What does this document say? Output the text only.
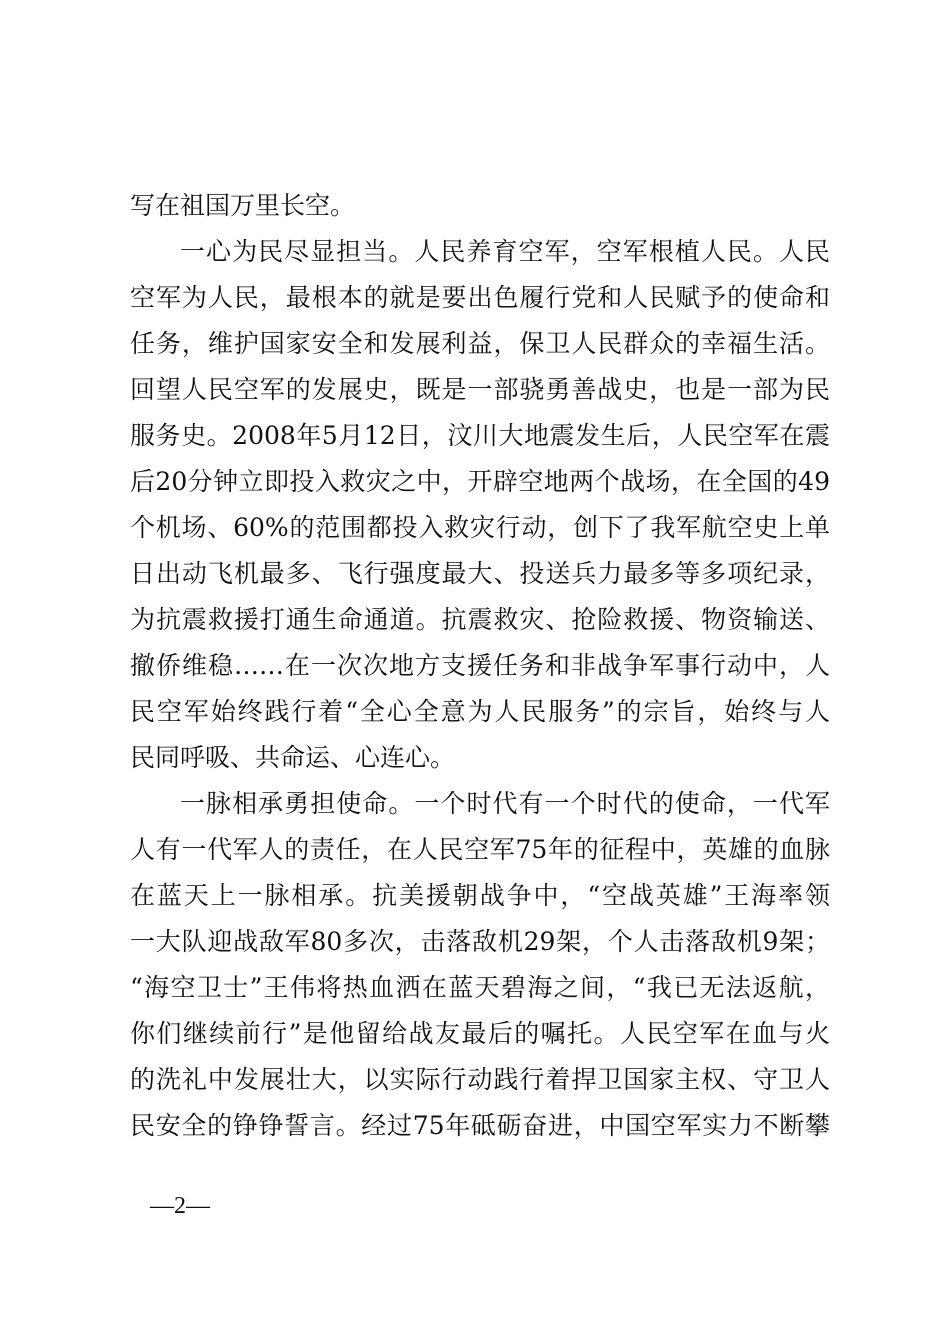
写在祖国万里长空。
一心为民尽显担当。人民养育空军，空军根植人民。人民
空军为人民，最根本的就是要出色履行党和人民赋予的使命和
任务，维护国家安全和发展利益，保卫人民群众的幸福生活。
回望人民空军的发展史，既是一部骁勇善战史，也是一部为民
服务史。2008年5月12日，汶川大地震发生后，人民空军在震
后20分钟立即投入救灾之中，开辟空地两个战场，在全国的49
个机场、60%的范围都投入救灾行动，创下了我军航空史上单
日出动飞机最多、飞行强度最大、投送兵力最多等多项纪录，
为抗震救援打通生命通道。抗震救灾、抢险救援、物资输送、
撤侨维稳……在一次次地方支援任务和非战争军事行动中，人
民空军始终践行着“全心全意为人民服务”的宗旨，始终与人
民同呼吸、共命运、心连心。
一脉相承勇担使命。一个时代有一个时代的使命，一代军
人有一代军人的责任，在人民空军75年的征程中，英雄的血脉
在蓝天上一脉相承。抗美援朝战争中，“空战英雄”王海率领
一大队迎战敌军80多次，击落敌机29架，个人击落敌机9架；
“海空卫士”王伟将热血洒在蓝天碧海之间，“我已无法返航，
你们继续前行”是他留给战友最后的嘱托。人民空军在血与火
的洗礼中发展壮大，以实际行动践行着捍卫国家主权、守卫人
民安全的铮铮誓言。经过75年砥砺奋进，中国空军实力不断攀
—2—
